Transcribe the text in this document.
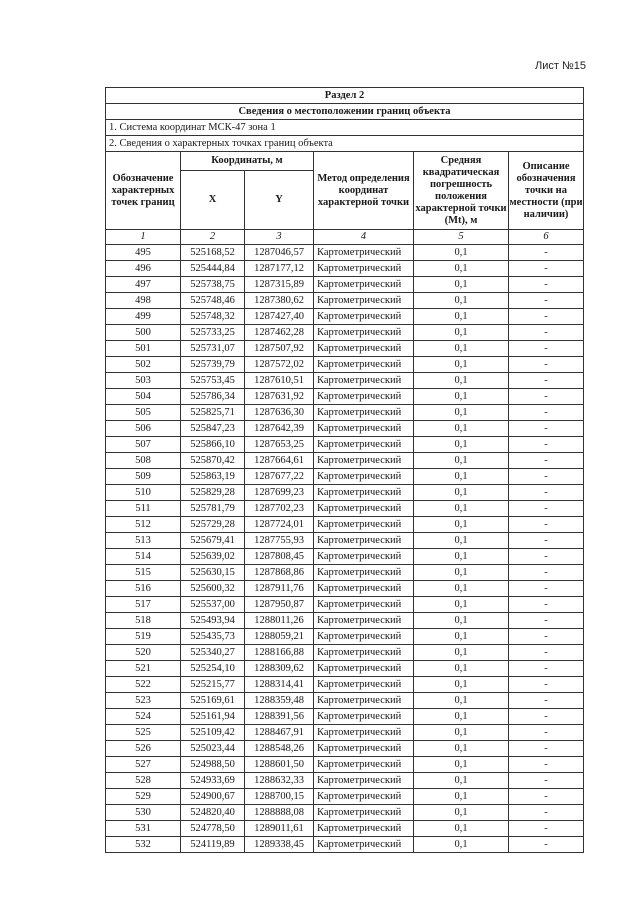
Лист №15
Раздел 2					
Сведения о местоположении границ объекта					
1. Система координат МСК-47 зона 1					
2. Сведения о характерных точках границ объекта					
Обозначение характерных точек границ	Координаты, м		Метод определения координат характерной точки	Средняя квадратическая погрешность положения характерной точки (Mt), м	Описание обозначения точки на местности (при наличии)
	X	Y			
1	2	3	4	5	6
495	525168,52	1287046,57	Картометрический	0,1	-
496	525444,84	1287177,12	Картометрический	0,1	-
497	525738,75	1287315,89	Картометрический	0,1	-
498	525748,46	1287380,62	Картометрический	0,1	-
499	525748,32	1287427,40	Картометрический	0,1	-
500	525733,25	1287462,28	Картометрический	0,1	-
501	525731,07	1287507,92	Картометрический	0,1	-
502	525739,79	1287572,02	Картометрический	0,1	-
503	525753,45	1287610,51	Картометрический	0,1	-
504	525786,34	1287631,92	Картометрический	0,1	-
505	525825,71	1287636,30	Картометрический	0,1	-
506	525847,23	1287642,39	Картометрический	0,1	-
507	525866,10	1287653,25	Картометрический	0,1	-
508	525870,42	1287664,61	Картометрический	0,1	-
509	525863,19	1287677,22	Картометрический	0,1	-
510	525829,28	1287699,23	Картометрический	0,1	-
511	525781,79	1287702,23	Картометрический	0,1	-
512	525729,28	1287724,01	Картометрический	0,1	-
513	525679,41	1287755,93	Картометрический	0,1	-
514	525639,02	1287808,45	Картометрический	0,1	-
515	525630,15	1287868,86	Картометрический	0,1	-
516	525600,32	1287911,76	Картометрический	0,1	-
517	525537,00	1287950,87	Картометрический	0,1	-
518	525493,94	1288011,26	Картометрический	0,1	-
519	525435,73	1288059,21	Картометрический	0,1	-
520	525340,27	1288166,88	Картометрический	0,1	-
521	525254,10	1288309,62	Картометрический	0,1	-
522	525215,77	1288314,41	Картометрический	0,1	-
523	525169,61	1288359,48	Картометрический	0,1	-
524	525161,94	1288391,56	Картометрический	0,1	-
525	525109,42	1288467,91	Картометрический	0,1	-
526	525023,44	1288548,26	Картометрический	0,1	-
527	524988,50	1288601,50	Картометрический	0,1	-
528	524933,69	1288632,33	Картометрический	0,1	-
529	524900,67	1288700,15	Картометрический	0,1	-
530	524820,40	1288888,08	Картометрический	0,1	-
531	524778,50	1289011,61	Картометрический	0,1	-
532	524119,89	1289338,45	Картометрический	0,1	-
